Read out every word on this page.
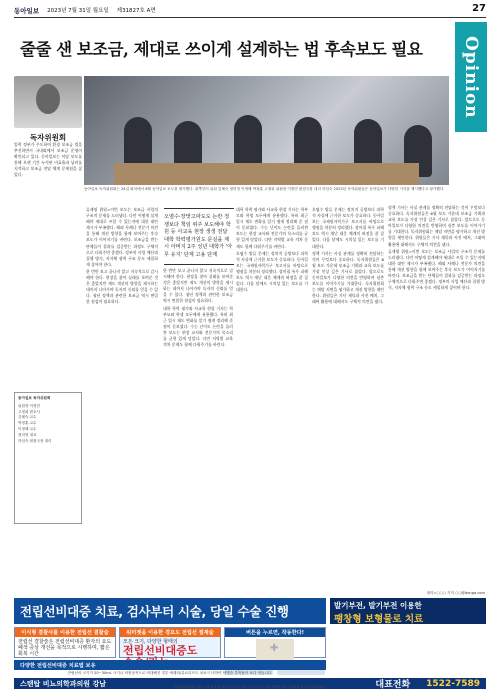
동아일보 2023년 7월 31일 월요일 제31827호 A면	27
Opinion
줄줄 샌 보조금, 제대로 쓰이게 설계하는 법 후속보도 필요
독자위원회
동아일보 독자위원회는 24일 회의에서 6월 동아일보 보도를 평가했다. 왼쪽부터 위원 김혜숙 정미영 이정혜 박정훈 고정희 위원장 이정민 편집국장 대리 하임숙 2023년 독자위원들은 동아일보가 다양한 시각을 제시했다고 평가했다.

입력 정부가 주도하여 환경 보조금 법을 추진하면서 국내외에서 보조금 운영이 확인되고 있다. 동아일보는 이달 보도를 통해 오랜 기간 누적된 비효율과 낭비를 지적하고 보조금 전달 체계 문제점을 짚었다.

류재영 위원=이번 보도는 보조금 사업의 구조적 문제를 드러냈다. 다만 어떻게 설계해야 제대로 쓰일 수 있는지에 대한 대안 제시가 부족했다. 해외 사례나 전문가 의견을 통해 개선 방향을 함께 보여주는 후속 보도가 이어지기를 바란다. 보조금을 받는 단체들이 결과를 검증받는 과정도 구체적으로 다뤄주면 좋겠다. 정부의 사업 예산과 집행 방식, 지자체 협력 구조 등도 세밀하게 짚어야 한다.

한 번만 보고 끝나지 않고 지속적으로 감시해야 한다. 현장을 찾아 실태를 보여준 것은 좋았지만 제도 개선의 방향을 제시하는 데까지 나아가야 독자의 신뢰를 얻을 수 있다. 청년 정책과 관련한 보조금 역시 면밀한 점검이 필요하다.

오염수·장맛고파도도 논란 정쟁보다 책임 위주 보도해야 학원 등 사교육 현장 생생 전달 대학 학력평가원도 문실을 제시 아버지 2주 성년 대학가 '아무 유지' 단계 고용 단계

한 번만 보고 끝나지 않고 지속적으로 감시해야 한다. 현장을 찾아 실태를 보여준 것은 좋았지만 제도 개선의 방향을 제시하는 데까지 나아가야 독자의 신뢰를 얻을 수 있다. 청년 정책과 관련한 보조금 역시 면밀한 점검이 필요하다.

대학 학력 평가와 사교육 현장 기사는 학부모와 학생 모두에게 유용했다. 특히 최근 입시 제도 변화를 알기 쉽게 정리해 준 점이 돋보였다. 수능 난이도 논란을 둘러싼 보도는 현장 교사와 전문가의 목소리를 균형 있게 담았다. 다만 지역별 교육 격차 문제도 함께 다뤄주기를 바란다.

대학 학력 평가와 사교육 현장 기사는 학부모와 학생 모두에게 유용했다. 특히 최근 입시 제도 변화를 알기 쉽게 정리해 준 점이 돋보였다. 수능 난이도 논란을 둘러싼 보도는 현장 교사와 전문가의 목소리를 균형 있게 담았다. 다만 지역별 교육 격차 문제도 함께 다뤄주기를 바란다.

오염수 방류 문제는 정치적 공방보다 과학적 사실에 근거한 보도가 중요하다. 동아일보는 국제원자력기구 보고서를 바탕으로 쟁점을 차분히 정리했다. 장마철 폭우 피해 보도 역시 재난 대응 체계의 허점을 잘 짚었다. 다음 달에도 시의성 있는 보도를 기대한다.

오염수 방류 문제는 정치적 공방보다 과학적 사실에 근거한 보도가 중요하다. 동아일보는 국제원자력기구 보고서를 바탕으로 쟁점을 차분히 정리했다. 장마철 폭우 피해 보도 역시 재난 대응 체계의 허점을 잘 짚었다. 다음 달에도 시의성 있는 보도를 기대한다.

정책 기사는 사실 관계를 정확히 전달하는 것이 무엇보다 중요하다. 독자위원들은 6월 보도 가운데 보조금 기획과 교육 보도를 가장 인상 깊은 기사로 꼽았다. 앞으로도 동아일보가 다양한 의견을 반영하며 심층 보도를 이어가기를 기대한다. 독자위원회는 매달 지면을 평가하고 개선 방향을 제안한다. 위원들은 기사 제목과 사진 배치, 그래픽 활용에 대해서도 구체적 의견을 냈다.

정책 기사는 사실 관계를 정확히 전달하는 것이 무엇보다 중요하다. 독자위원들은 6월 보도 가운데 보조금 기획과 교육 보도를 가장 인상 깊은 기사로 꼽았다. 앞으로도 동아일보가 다양한 의견을 반영하며 심층 보도를 이어가기를 기대한다. 독자위원회는 매달 지면을 평가하고 개선 방향을 제안한다. 위원들은 기사 제목과 사진 배치, 그래픽 활용에 대해서도 구체적 의견을 냈다.

류재영 위원=이번 보도는 보조금 사업의 구조적 문제를 드러냈다. 다만 어떻게 설계해야 제대로 쓰일 수 있는지에 대한 대안 제시가 부족했다. 해외 사례나 전문가 의견을 통해 개선 방향을 함께 보여주는 후속 보도가 이어지기를 바란다. 보조금을 받는 단체들이 결과를 검증받는 과정도 구체적으로 다뤄주면 좋겠다. 정부의 사업 예산과 집행 방식, 지자체 협력 구조 등도 세밀하게 짚어야 한다.

동아일보 독자위원회
위원장 이정민
고정희 변호사
김혜숙 교수
박정훈 교수
이정혜 교수
정미영 대표
하임숙 편집국장 대리
정리=○○○ 기자 ○○@donga.com
전립선비대증 치료, 검사부터 시술, 당일 수술 진행	발기부전, 발기부전 이용한
팽창형 보형물로 치료
이식형 결찰사를 이용한 전립선 결찰술
전립선 결찰술은 전립선비대증 환자의 요도폐색 증상 개선을 목적으로 시행하며, 짧은 회복 시간
워터젯을 이용한 경요도 전립선 절제술
모든 크기, 다양한 형태의
전립선비대증도
버튼을 누르면, 작동한다!
✚
다양한 전립선비대증 치료법 보유
전립선의 크기가 20~30mL 크기나 비정상적으로 비대해진 경우 에레라/유로리프트 치료시 비하여 합병증 부작용이 보다 적습니다.
스탠탑 비뇨의학과의원 강남	대표전화 1522-7589
*환자분의 상태에 따라 시술 효과 및 부작용 차이가 있을 수 있습니다. 개인 상황에 따라 전문의와 상담 후 결정하세요.
